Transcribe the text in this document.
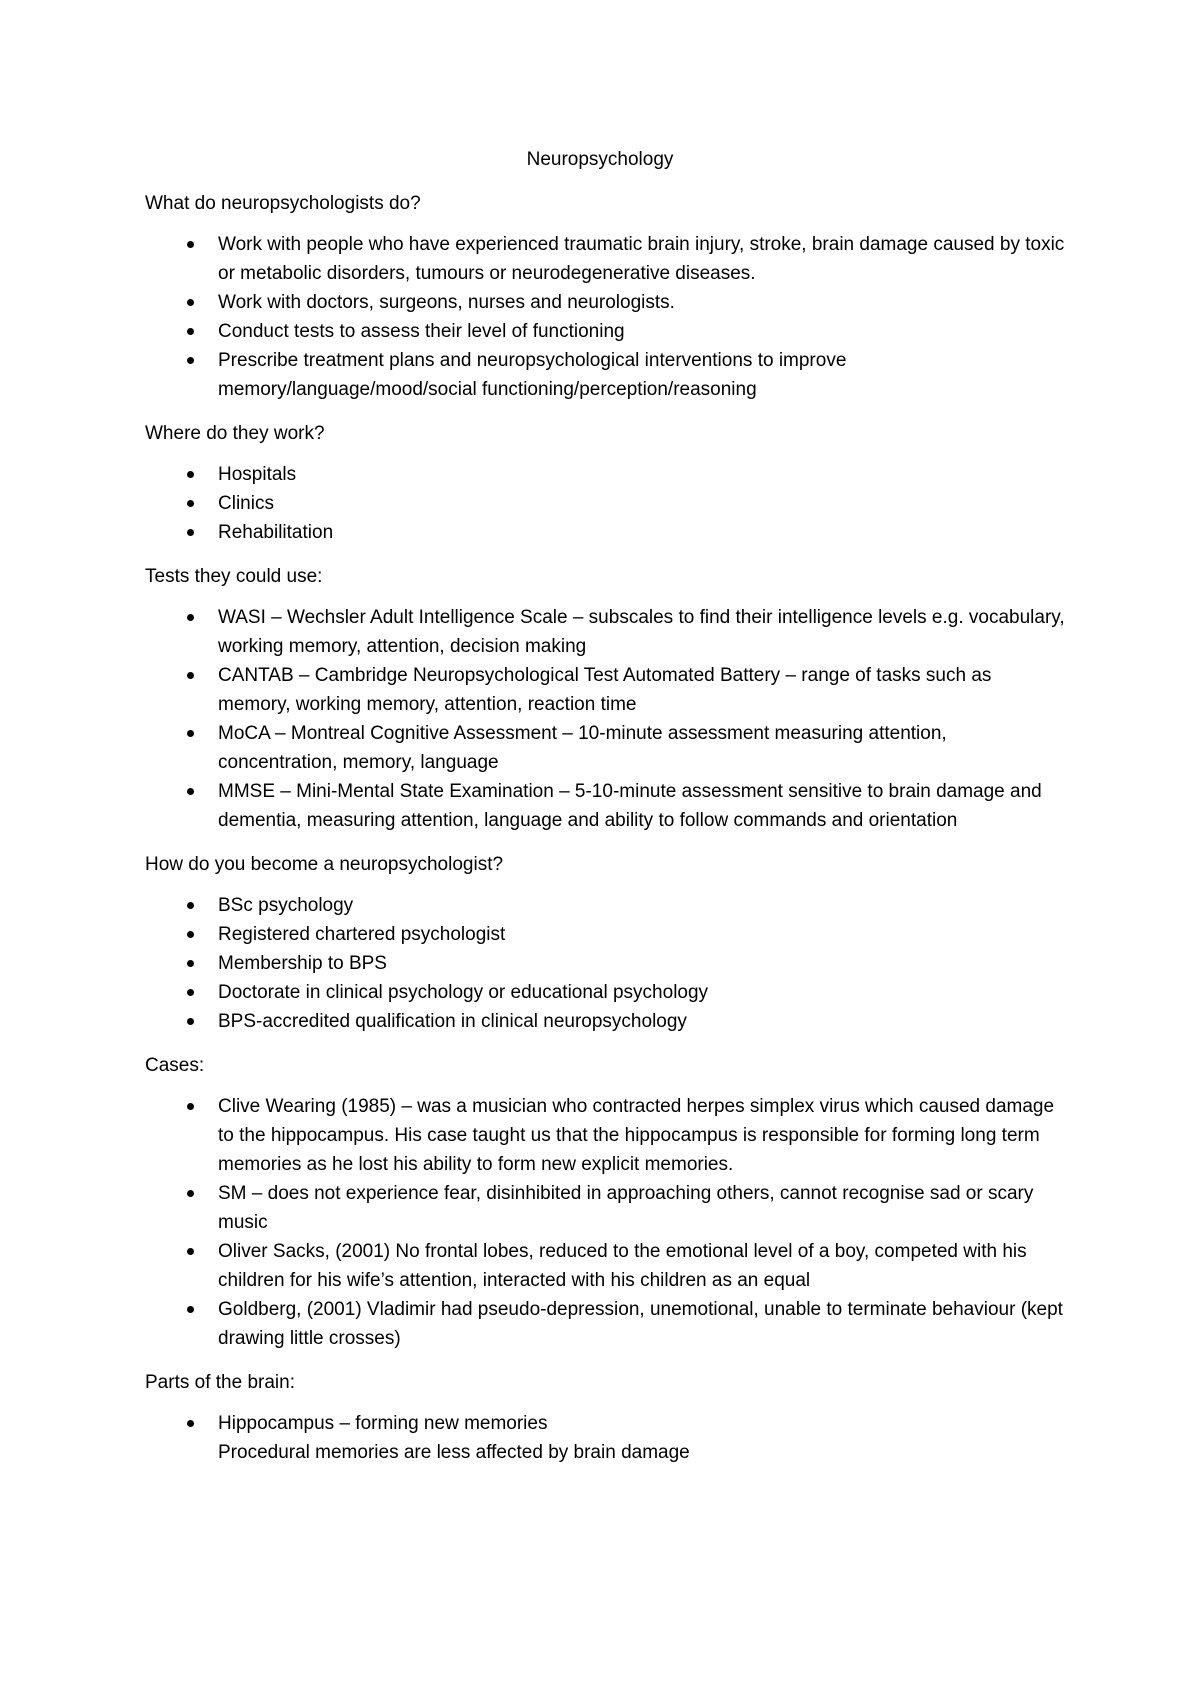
Neuropsychology

What do neuropsychologists do?

Work with people who have experienced traumatic brain injury, stroke, brain damage caused by toxic or metabolic disorders, tumours or neurodegenerative diseases.
Work with doctors, surgeons, nurses and neurologists.
Conduct tests to assess their level of functioning
Prescribe treatment plans and neuropsychological interventions to improve memory/language/mood/social functioning/perception/reasoning

Where do they work?

Hospitals
Clinics
Rehabilitation

Tests they could use:

WASI – Wechsler Adult Intelligence Scale – subscales to find their intelligence levels e.g. vocabulary, working memory, attention, decision making
CANTAB – Cambridge Neuropsychological Test Automated Battery – range of tasks such as memory, working memory, attention, reaction time
MoCA – Montreal Cognitive Assessment – 10-minute assessment measuring attention, concentration, memory, language
MMSE – Mini-Mental State Examination – 5-10-minute assessment sensitive to brain damage and dementia, measuring attention, language and ability to follow commands and orientation

How do you become a neuropsychologist?

BSc psychology
Registered chartered psychologist
Membership to BPS
Doctorate in clinical psychology or educational psychology
BPS-accredited qualification in clinical neuropsychology

Cases:

Clive Wearing (1985) – was a musician who contracted herpes simplex virus which caused damage to the hippocampus. His case taught us that the hippocampus is responsible for forming long term memories as he lost his ability to form new explicit memories.
SM – does not experience fear, disinhibited in approaching others, cannot recognise sad or scary music
Oliver Sacks, (2001) No frontal lobes, reduced to the emotional level of a boy, competed with his children for his wife’s attention, interacted with his children as an equal
Goldberg, (2001) Vladimir had pseudo-depression, unemotional, unable to terminate behaviour (kept drawing little crosses)

Parts of the brain:

Hippocampus – forming new memories
Procedural memories are less affected by brain damage
